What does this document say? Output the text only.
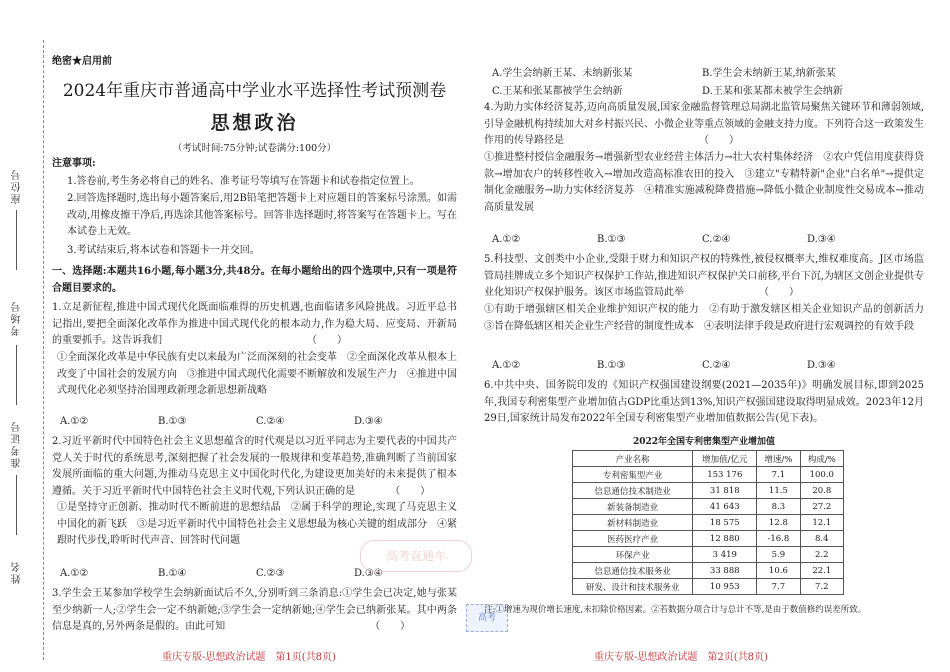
座位号
考场号
准考证号
姓名
绝密★启用前
2024年重庆市普通高中学业水平选择性考试预测卷
思想政治
（考试时间:75分钟;试卷满分:100分）
注意事项:
1.答卷前,考生务必将自己的姓名、准考证号等填写在答题卡和试卷指定位置上。
2.回答选择题时,选出每小题答案后,用2B铅笔把答题卡上对应题目的答案标号涂黑。如需改动,用橡皮擦干净后,再选涂其他答案标号。回答非选择题时,将答案写在答题卡上。写在本试卷上无效。
3.考试结束后,将本试卷和答题卡一并交回。
一、选择题:本题共16小题,每小题3分,共48分。在每小题给出的四个选项中,只有一项是符合题目要求的。
1.立足新征程,推进中国式现代化既面临难得的历史机遇,也面临诸多风险挑战。习近平总书记指出,要把全面深化改革作为推进中国式现代化的根本动力,作为稳大局、应变局、开新局的重要抓手。这告诉我们　　　　　　　　　　　　　　　（　　）
①全面深化改革是中华民族有史以来最为广泛而深刻的社会变革　②全面深化改革从根本上改变了中国社会的发展方向　③推进中国式现代化需要不断解放和发展生产力　④推进中国式现代化必须坚持治国理政新理念新思想新战略
A.①②	B.①③	C.②④	D.③④
2.习近平新时代中国特色社会主义思想蕴含的时代观是以习近平同志为主要代表的中国共产党人关于时代的系统思考,深刻把握了社会发展的一般规律和变革趋势,准确判断了当前国家发展所面临的重大问题,为推动马克思主义中国化时代化,为建设更加美好的未来提供了根本遵循。关于习近平新时代中国特色社会主义时代观,下列认识正确的是　　　　（　　）
①是坚持守正创新、推动时代不断前进的思想结晶　②属于科学的理论,实现了马克思主义中国化的新飞跃　③是习近平新时代中国特色社会主义思想最为核心关键的组成部分　④紧跟时代步伐,聆听时代声音、回答时代问题
A.①②	B.①④	C.②③	D.③④
3.学生会王某参加学校学生会纳新面试后不久,分别听到三条消息:①学生会已决定,她与张某至少纳新一人;②学生会一定不纳新她;③学生会一定纳新她;④学生会已纳新张某。其中两条信息是真的,另外两条是假的。由此可知　　　　　　　　　　　　　　　（　　）
重庆专版-思想政治试题　第1页(共8页)
高考直通车
高考
A.学生会纳新王某、未纳新张某	B.学生会未纳新王某,纳新张某
C.王某和张某都被学生会纳新	D.王某和张某都未被学生会纳新
4.为助力实体经济复苏,迈向高质量发展,国家金融监督管理总局湖北监管局聚焦关键环节和薄弱领域,引导金融机构持续加大对乡村振兴民、小微企业等重点领域的金融支持力度。下列符合这一政策发生作用的传导路径是　　　　　　　　　　　　　　（　　）
①推进整村授信金融服务→增强新型农业经营主体活力→壮大农村集体经济　②农户凭信用度获得贷款→增加农户的转移性收入→增加改造高标准农田的投入　③建立"专精特新"企业"白名单"→提供定制化金融服务→助力实体经济复苏　④精准实施减税降费措施→降低小微企业制度性交易成本→推动高质量发展
A.①②	B.①③	C.②④	D.③④
5.科技型、文创类中小企业,受限于财力和知识产权的特殊性,被侵权概率大,维权难度高。J区市场监管局挂牌成立多个知识产权保护工作站,推进知识产权保护关口前移,平台下沉,为辖区文创企业提供专业化知识产权保护服务。该区市场监管局此举　　　　　　　　（　　）
①有助于增强辖区相关企业维护知识产权的能力　②有助于激发辖区相关企业知识产品的创新活力　③旨在降低辖区相关企业生产经营的制度性成本　④表明法律手段是政府进行宏观调控的有效手段
A.①②	B.①③	C.②④	D.③④
6.中共中央、国务院印发的《知识产权强国建设纲要(2021—2035年)》明确发展目标,即到2025年,我国专利密集型产业增加值占GDP比重达到13%,知识产权强国建设取得明显成效。2023年12月29日,国家统计局发布2022年全国专利密集型产业增加值数据公告(见下表)。
2022年全国专利密集型产业增加值
产业名称	增加值/亿元	增速/%	构成/%
专利密集型产业	153 176	7.1	100.0
信息通信技术制造业	31 818	11.5	20.8
新装备制造业	41 643	8.3	27.2
新材料制造业	18 575	12.8	12.1
医药医疗产业	12 880	-16.8	8.4
环保产业	3 419	5.9	2.2
信息通信技术服务业	33 888	10.6	22.1
研发、设计和技术服务业	10 953	7.7	7.2
注:①增速为现价增长速度,未扣除价格因素。②若数据分项合计与总计不等,是由于数值修约误差所致。
重庆专版-思想政治试题　第2页(共8页)
